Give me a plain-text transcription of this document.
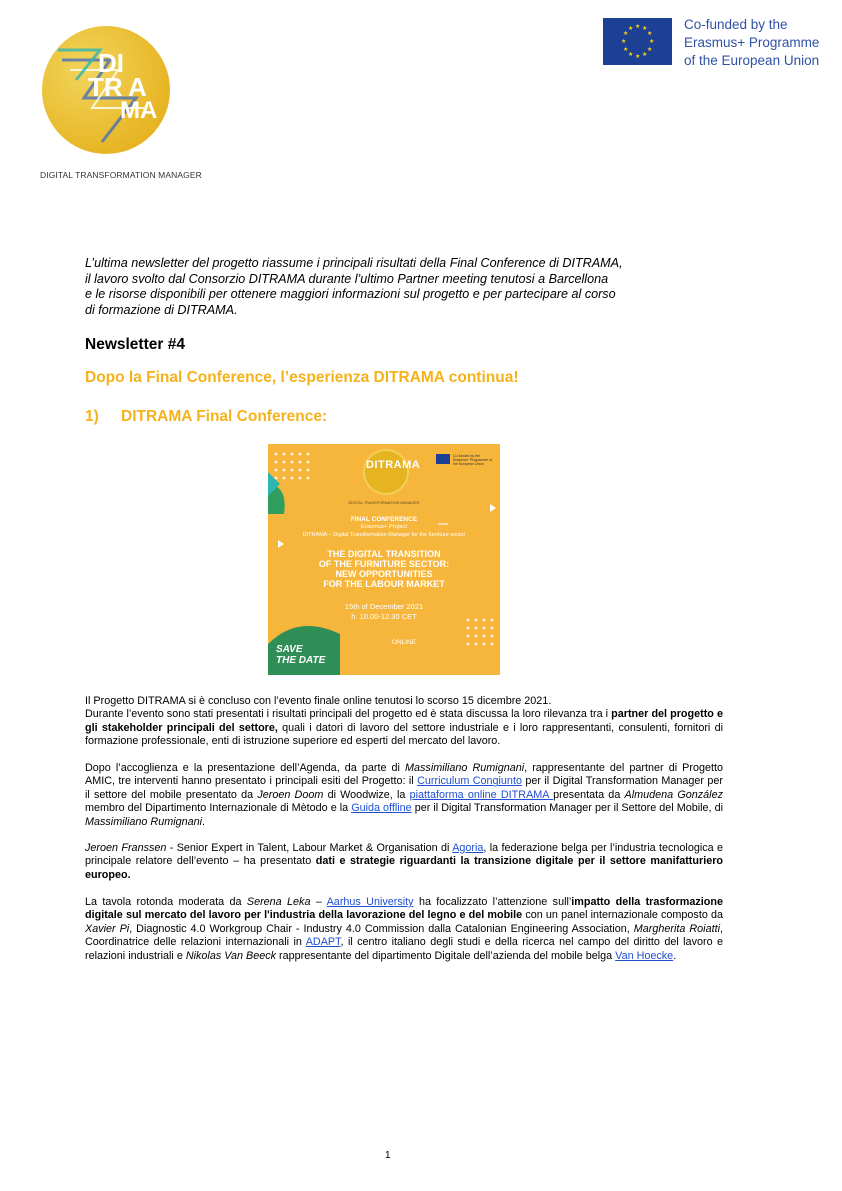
DI
TR A
MA
DIGITAL TRANSFORMATION MANAGER
★ ★
★
★
★
★
★
★
★
★
★
★	Co-funded by the
Erasmus+ Programme
of the European Union
L’ultima newsletter del progetto riassume i principali risultati della Final Conference di DITRAMA,
il lavoro svolto dal Consorzio DITRAMA durante l’ultimo Partner meeting tenutosi a Barcellona
e le risorse disponibili per ottenere maggiori informazioni sul progetto e per partecipare al corso
di formazione di DITRAMA.
Newsletter #4
Dopo la Final Conference, l’esperienza DITRAMA continua!
1) DITRAMA Final Conference:
DITRAMA
Co-funded by the Erasmus+ Programme of the European Union
DIGITAL TRANSFORMATION MANAGER
FINAL CONFERENCE
Erasmus+ Project
DITRAMA – Digital Transformation Manager for the furniture sector
THE DIGITAL TRANSITION
OF THE FURNITURE SECTOR:
NEW OPPORTUNITIES
FOR THE LABOUR MARKET
15th of December 2021
h. 10.00-12.30 CET
ONLINE
SAVE
THE DATE
Il Progetto DITRAMA si è concluso con l’evento finale online tenutosi lo scorso 15 dicembre 2021.
Durante l’evento sono stati presentati i risultati principali del progetto ed è stata discussa la loro rilevanza tra i partner del progetto e gli stakeholder principali del settore, quali i datori di lavoro del settore industriale e i loro rappresentanti, consulenti, fornitori di formazione professionale, enti di istruzione superiore ed esperti del mercato del lavoro.
Dopo l’accoglienza e la presentazione dell’Agenda, da parte di Massimiliano Rumignani, rappresentante del partner di Progetto AMIC, tre interventi hanno presentato i principali esiti del Progetto: il Curriculum Congiunto per il Digital Transformation Manager per il settore del mobile presentato da Jeroen Doom di Woodwize, la piattaforma online DITRAMA presentata da Almudena González membro del Dipartimento Internazionale di Mètodo e la Guida offline per il Digital Transformation Manager per il Settore del Mobile, di Massimiliano Rumignani.
Jeroen Franssen - Senior Expert in Talent, Labour Market & Organisation di Agoria, la federazione belga per l’industria tecnologica e principale relatore dell’evento – ha presentato dati e strategie riguardanti la transizione digitale per il settore manifatturiero europeo.
La tavola rotonda moderata da Serena Leka – Aarhus University ha focalizzato l’attenzione sull’impatto della trasformazione digitale sul mercato del lavoro per l'industria della lavorazione del legno e del mobile con un panel internazionale composto da Xavier Pi, Diagnostic 4.0 Workgroup Chair - Industry 4.0 Commission dalla Catalonian Engineering Association, Margherita Roiatti, Coordinatrice delle relazioni internazionali in ADAPT, il centro italiano degli studi e della ricerca nel campo del diritto del lavoro e relazioni industriali e Nikolas Van Beeck rappresentante del dipartimento Digitale dell’azienda del mobile belga Van Hoecke.
1
